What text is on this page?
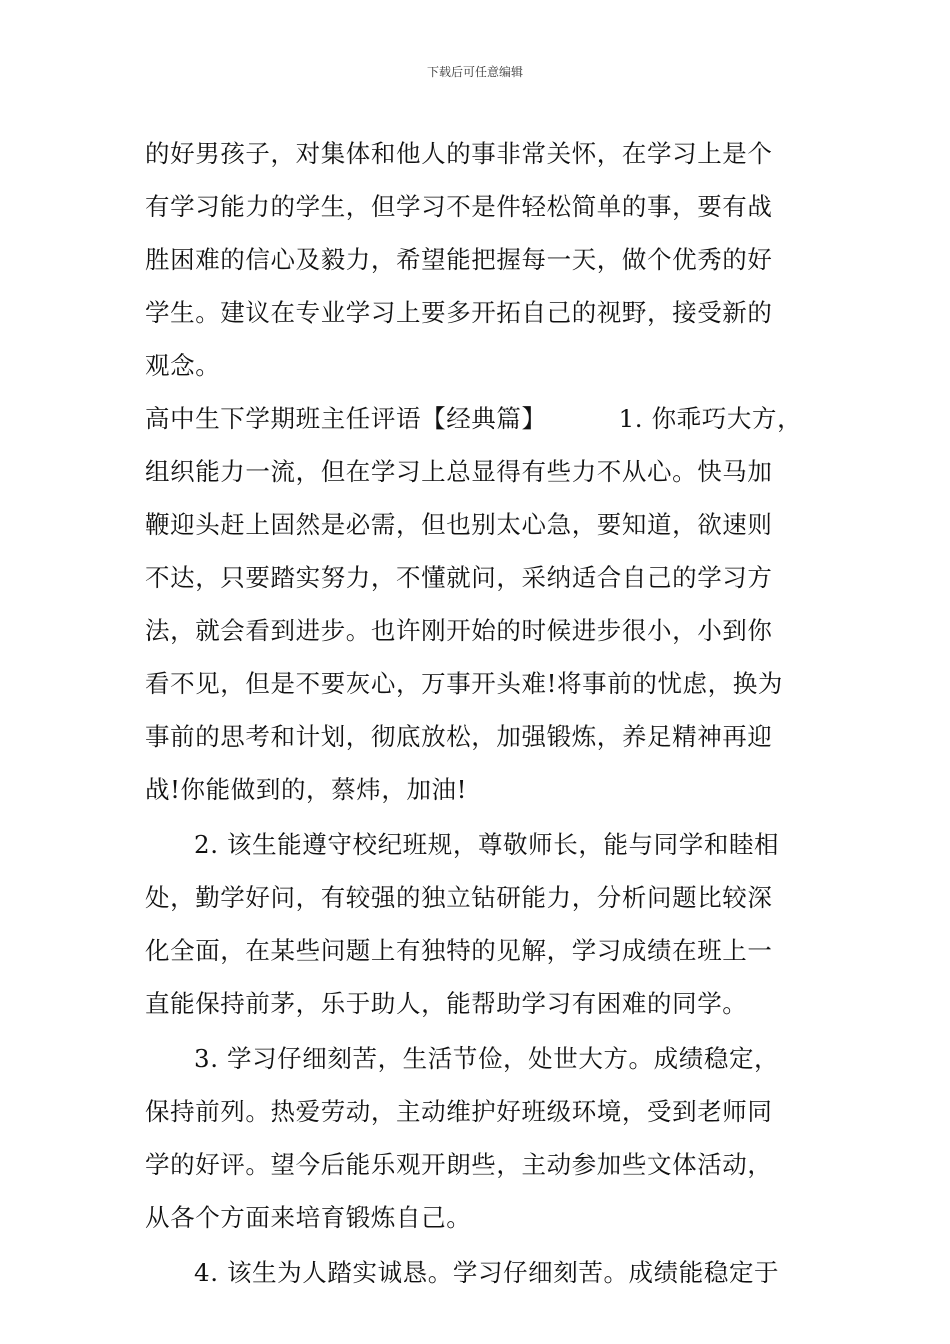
下载后可任意编辑
的好男孩子，对集体和他人的事非常关怀，在学习上是个
有学习能力的学生，但学习不是件轻松简单的事，要有战
胜困难的信心及毅力，希望能把握每一天，做个优秀的好
学生。建议在专业学习上要多开拓自己的视野，接受新的
观念。
高中生下学期班主任评语【经典篇】	1. 你乖巧大方，
组织能力一流，但在学习上总显得有些力不从心。快马加
鞭迎头赶上固然是必需，但也别太心急，要知道，欲速则
不达，只要踏实努力，不懂就问，采纳适合自己的学习方
法，就会看到进步。也许刚开始的时候进步很小，小到你
看不见，但是不要灰心，万事开头难!将事前的忧虑，换为
事前的思考和计划，彻底放松，加强锻炼，养足精神再迎
战!你能做到的，蔡炜，加油!
2. 该生能遵守校纪班规，尊敬师长，能与同学和睦相
处，勤学好问，有较强的独立钻研能力，分析问题比较深
化全面，在某些问题上有独特的见解，学习成绩在班上一
直能保持前茅，乐于助人，能帮助学习有困难的同学。
3. 学习仔细刻苦，生活节俭，处世大方。成绩稳定，
保持前列。热爱劳动，主动维护好班级环境，受到老师同
学的好评。望今后能乐观开朗些，主动参加些文体活动，
从各个方面来培育锻炼自己。
4. 该生为人踏实诚恳。学习仔细刻苦。成绩能稳定于
